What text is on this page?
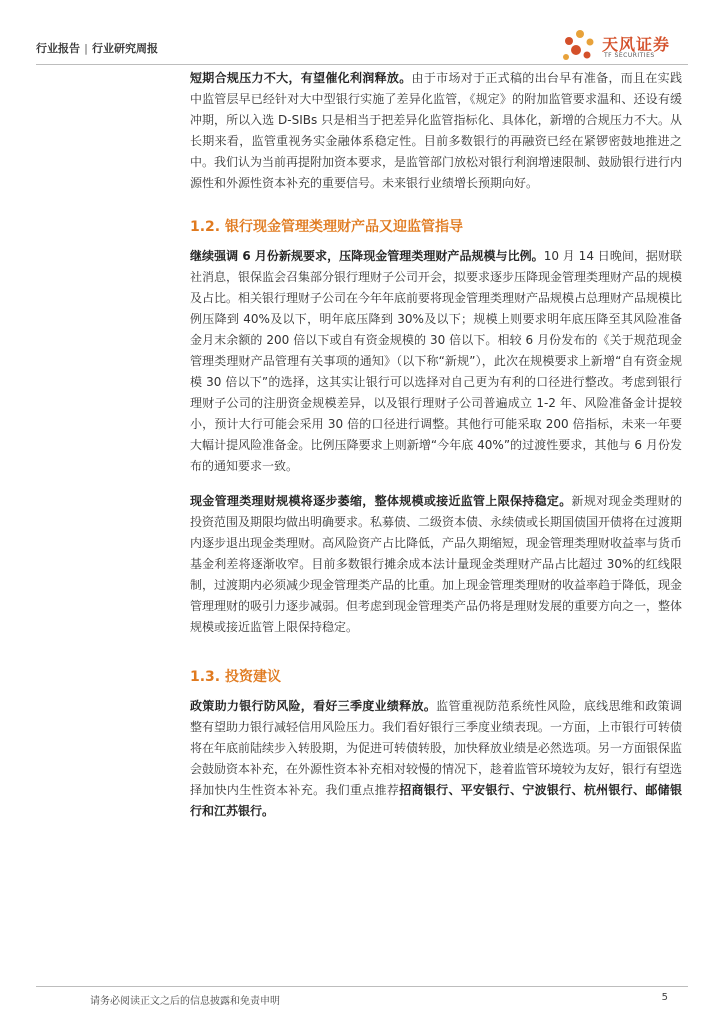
行业报告 | 行业研究周报	天风证券
TF SECURITIES

短期合规压力不大，有望催化利润释放。由于市场对于正式稿的出台早有准备，而且在实践中监管层早已经针对大中型银行实施了差异化监管，《规定》的附加监管要求温和、还设有缓冲期，所以入选 D-SIBs 只是相当于把差异化监管指标化、具体化，新增的合规压力不大。从长期来看，监管重视务实金融体系稳定性。目前多数银行的再融资已经在紧锣密鼓地推进之中。我们认为当前再提附加资本要求，是监管部门放松对银行利润增速限制、鼓励银行进行内源性和外源性资本补充的重要信号。未来银行业绩增长预期向好。

1.2. 银行现金管理类理财产品又迎监管指导

继续强调 6 月份新规要求，压降现金管理类理财产品规模与比例。10 月 14 日晚间，据财联社消息，银保监会召集部分银行理财子公司开会，拟要求逐步压降现金管理类理财产品的规模及占比。相关银行理财子公司在今年年底前要将现金管理类理财产品规模占总理财产品规模比例压降到 40%及以下，明年底压降到 30%及以下；规模上则要求明年底压降至其风险准备金月末余额的 200 倍以下或自有资金规模的 30 倍以下。相较 6 月份发布的《关于规范现金管理类理财产品管理有关事项的通知》（以下称“新规”），此次在规模要求上新增“自有资金规模 30 倍以下”的选择，这其实让银行可以选择对自己更为有利的口径进行整改。考虑到银行理财子公司的注册资金规模差异，以及银行理财子公司普遍成立 1-2 年、风险准备金计提较小，预计大行可能会采用 30 倍的口径进行调整。其他行可能采取 200 倍指标，未来一年要大幅计提风险准备金。比例压降要求上则新增“今年底 40%”的过渡性要求，其他与 6 月份发布的通知要求一致。

现金管理类理财规模将逐步萎缩，整体规模或接近监管上限保持稳定。新规对现金类理财的投资范围及期限均做出明确要求。私募债、二级资本债、永续债或长期国债国开债将在过渡期内逐步退出现金类理财。高风险资产占比降低，产品久期缩短，现金管理类理财收益率与货币基金利差将逐渐收窄。目前多数银行摊余成本法计量现金类理财产品占比超过 30%的红线限制，过渡期内必须减少现金管理类产品的比重。加上现金管理类理财的收益率趋于降低，现金管理理财的吸引力逐步减弱。但考虑到现金管理类产品仍将是理财发展的重要方向之一，整体规模或接近监管上限保持稳定。

1.3. 投资建议

政策助力银行防风险，看好三季度业绩释放。监管重视防范系统性风险，底线思维和政策调整有望助力银行减轻信用风险压力。我们看好银行三季度业绩表现。一方面，上市银行可转债将在年底前陆续步入转股期，为促进可转债转股，加快释放业绩是必然选项。另一方面银保监会鼓励资本补充，在外源性资本补充相对较慢的情况下，趁着监管环境较为友好，银行有望选择加快内生性资本补充。我们重点推荐招商银行、平安银行、宁波银行、杭州银行、邮储银行和江苏银行。

请务必阅读正文之后的信息披露和免责申明	5
